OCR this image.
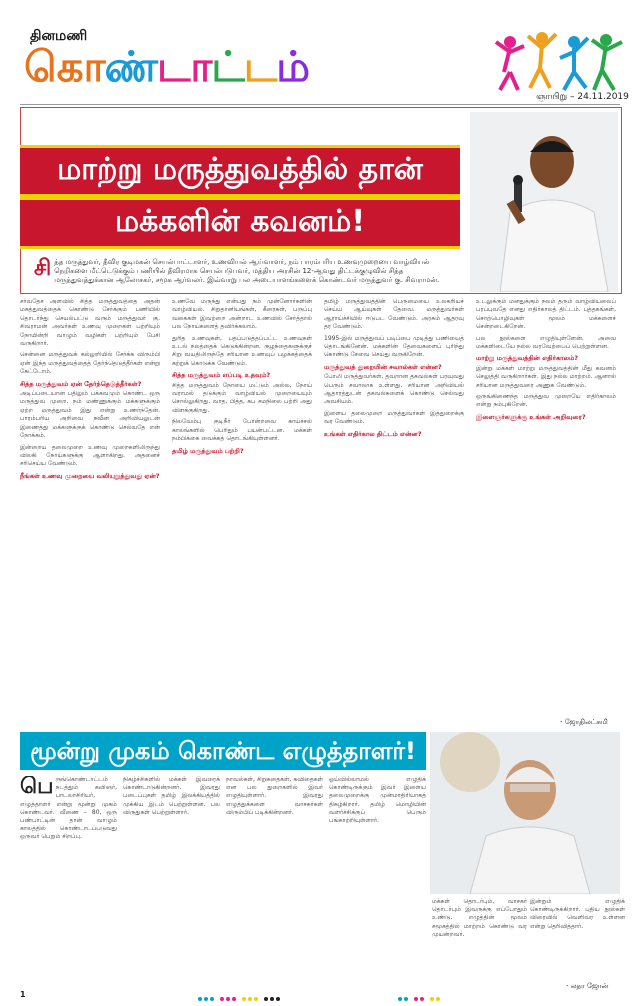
தினமணி
கொண்டாட்டம்
ஞாயிறு – 24.11.2019
மாற்று மருத்துவத்தில் தான்
மக்களின் கவனம்!
சி த்த மருத்துவர், தீவிர குடிமகன் செயல்பாட்டாளர், உணவியல் ஆய்வாளர், நம் பாரம்பரிய உணவுமுறையை வாழ்வியல் நெறிகளை மீட்டெடுக்கும் பணியில் தீவிரமாக செயல்படுபவர், மத்திய அரசின் 12-ஆவது திட்டக்குழுவில் சித்த மருத்துவத்துக்கான ஆலோசகர், சமூக ஆர்வலர். இவ்வாறு பல அடையாளங்களைக் கொண்டவர் மருத்துவர் கு. சிவராமன்.

சர்வதேச அளவில் சித்த மருத்துவத்தை அதன் மகத்துவத்தைக் கொண்டு சேர்க்கும் பணியில் தொடர்ந்து செயல்பட்டு வரும் மருத்துவர் கு. சிவராமன் அவர்கள் உணவு முறைகள் பற்றியும் நோயின்றி வாழும் வழிகள் பற்றியும் பேசி வருகிறார்.

சென்னை மருத்துவக் கல்லூரியில் சேர்க்க விரும்பி ஏன் இந்த மருத்துவத்தைத் தேர்ந்தெடுத்தீர்கள் என்று கேட்டோம்.

சித்த மருத்துவம் ஏன் தேர்ந்தெடுத்தீர்கள்?

அடிப்படையான பதிலும் பக்கவமும் கொண்ட ஒரு மருத்துவ முறை. நம் மண்ணுக்கும் மக்களுக்கும் ஏற்ற மருத்துவம் இது என்று உணர்ந்தேன். பாரம்பரிய அறிவை நவீன அறிவியலுடன் இணைத்து மக்களுக்குக் கொண்டு செல்வதே என் நோக்கம்.

இன்றைய தலைமுறை உணவு முறைகளிலிருந்து விலகி நோய்களுக்கு ஆளாகிறது. அதனைச் சரிசெய்ய வேண்டும்.

நீங்கள் உணவு முறையை வலியுறுத்துவது ஏன்?

உணவே மருந்து என்பது நம் முன்னோர்களின் வாழ்வியல். சிறுதானியங்கள், கீரைகள், பருப்பு வகைகள் இவற்றை அன்றாட உணவில் சேர்த்தால் பல நோய்களைத் தவிர்க்கலாம்.

துரித உணவுகள், பதப்படுத்தப்பட்ட உணவுகள் உடல் நலத்தைக் கெடுக்கின்றன. குழந்தைகளுக்குச் சிறு வயதிலிருந்தே சரியான உணவுப் பழக்கத்தைக் கற்றுக் கொடுக்க வேண்டும்.

சித்த மருத்துவம் எப்படி உதவும்?

சித்த மருத்துவம் நோயை மட்டும் அல்ல, நோய் வராமல் தடுக்கும் வாழ்வியல் முறையையும் சொல்லுகிறது. வாத, பித்த, கப சமநிலை பற்றி அது விளக்குகிறது.

நிலவேம்பு குடிநீர் போன்றவை காய்ச்சல் காலங்களில் பெரிதும் பயன்பட்டன. மக்கள் நம்பிக்கை வைக்கத் தொடங்கியுள்ளனர்.

தமிழ் மருத்துவம் பற்றி?

தமிழ் மருத்துவத்தின் பெருமையை உலகறியச் செய்ய ஆய்வுகள் தேவை. மருத்துவர்கள் ஆராய்ச்சியில் ஈடுபட வேண்டும். அரசும் ஆதரவு தர வேண்டும்.

1995-இல் மருத்துவப் படிப்பை முடித்து பணியைத் தொடங்கினேன். மக்களின் தேவைகளைப் புரிந்து கொண்டு சேவை செய்து வருகிறேன்.

மருத்துவத் துறையின் சவால்கள் என்ன?

போலி மருத்துவர்கள், தவறான தகவல்கள் பரவுவது பெரும் சவாலாக உள்ளது. சரியான அறிவியல் ஆதாரத்துடன் தகவல்களைக் கொண்டு செல்வது அவசியம்.

இளைய தலைமுறை மருத்துவர்கள் இத்துறைக்கு வர வேண்டும்.

உங்கள் எதிர்கால திட்டம் என்ன?

உடலுக்கும் மனதுக்கும் நலம் தரும் வாழ்வியலைப் பரப்புவதே எனது எதிர்காலத் திட்டம். புத்தகங்கள், சொற்பொழிவுகள் மூலம் மக்களைச் சென்றடைகிறேன்.

பல நூல்களை எழுதியுள்ளேன். அவை மக்களிடையே நல்ல வரவேற்பைப் பெற்றுள்ளன.

மாற்று மருத்துவத்தின் எதிர்காலம்?

இன்று மக்கள் மாற்று மருத்துவத்தின் மீது கவனம் செலுத்தி வருகிறார்கள். இது நல்ல மாற்றம். ஆனால் சரியான மருத்துவரை அணுக வேண்டும்.

ஒருங்கிணைந்த மருத்துவ முறையே எதிர்காலம் என்று நம்புகிறேன்.

இளைஞர்களுக்கு உங்கள் அறிவுரை?
- ஜோதிலட்சுமி
மூன்று முகம் கொண்ட எழுத்தாளர்!
பெ ருங்கொண்டாட்டம் நடத்தும் கவிஞர், பாடலாசிரியர், எழுத்தாளர் என்று மூன்று முகம் கொண்டவர். வீணை – 80, ஒரு பண்பாட்டின் தான் வாழும் காலத்தில் கொண்டாடப்படுவது ஒருவர் பெறும் சிறப்பு.
நிகழ்ச்சிகளில் மக்கள் இவரைக் கொண்டாடுகின்றனர். இவரது படைப்புகள் தமிழ் இலக்கியத்தில் முக்கிய இடம் பெற்றுள்ளன. பல விருதுகள் பெற்றுள்ளார்.
நாவல்கள், சிறுகதைகள், கவிதைகள் என பல துறைகளில் இவர் எழுதியுள்ளார். இவரது எழுத்துக்களை வாசகர்கள் விரும்பிப் படிக்கின்றனர்.
ஓய்வில்லாமல் எழுதிக் கொண்டிருக்கும் இவர் இளைய தலைமுறைக்கு முன்மாதிரியாகத் திகழ்கிறார். தமிழ் மொழியின் வளர்ச்சிக்குப் பெரும் பங்காற்றியுள்ளார்.
மக்கள் தொடர்பும், வாசகர் தொடர்பும் இவருக்கு எப்போதும் உண்டு. எழுத்தின் மூலம் சமூகத்தில் மாற்றம் கொண்டு வர முயன்றவர்.
இன்றும் எழுதிக் கொண்டிருக்கிறார். புதிய நூல்கள் விரைவில் வெளிவர உள்ளன என்று தெரிவித்தார்.
- லதா ஜோன்
1
